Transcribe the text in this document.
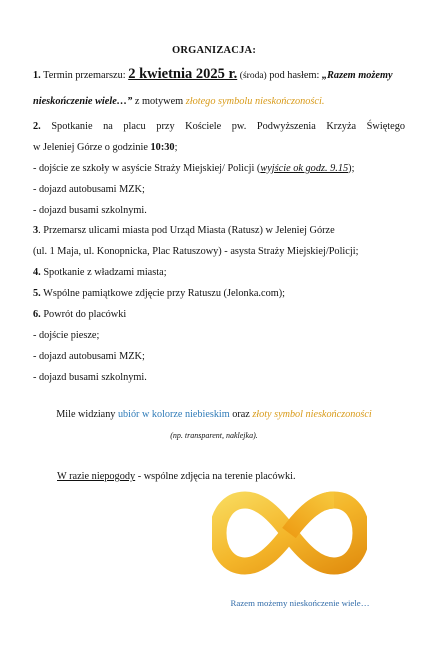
ORGANIZACJA:
1. Termin przemarszu: 2 kwietnia 2025 r. (środa) pod hasłem: „Razem możemy
nieskończenie wiele…” z motywem złotego symbolu nieskończoności.
2. Spotkanie na placu przy Kościele pw. Podwyższenia Krzyża Świętego
w Jeleniej Górze o godzinie 10:30;
- dojście ze szkoły w asyście Straży Miejskiej/ Policji (wyjście ok godz. 9.15);
- dojazd autobusami MZK;
- dojazd busami szkolnymi.
3. Przemarsz ulicami miasta pod Urząd Miasta (Ratusz) w Jeleniej Górze
(ul. 1 Maja, ul. Konopnicka, Plac Ratuszowy) - asysta Straży Miejskiej/Policji;
4. Spotkanie z władzami miasta;
5. Wspólne pamiątkowe zdjęcie przy Ratuszu (Jelonka.com);
6. Powrót do placówki
- dojście piesze;
- dojazd autobusami MZK;
- dojazd busami szkolnymi.
Mile widziany ubiór w kolorze niebieskim oraz złoty symbol nieskończoności
(np. transparent, naklejka).
W razie niepogody - wspólne zdjęcia na terenie placówki.
Razem możemy nieskończenie wiele…
